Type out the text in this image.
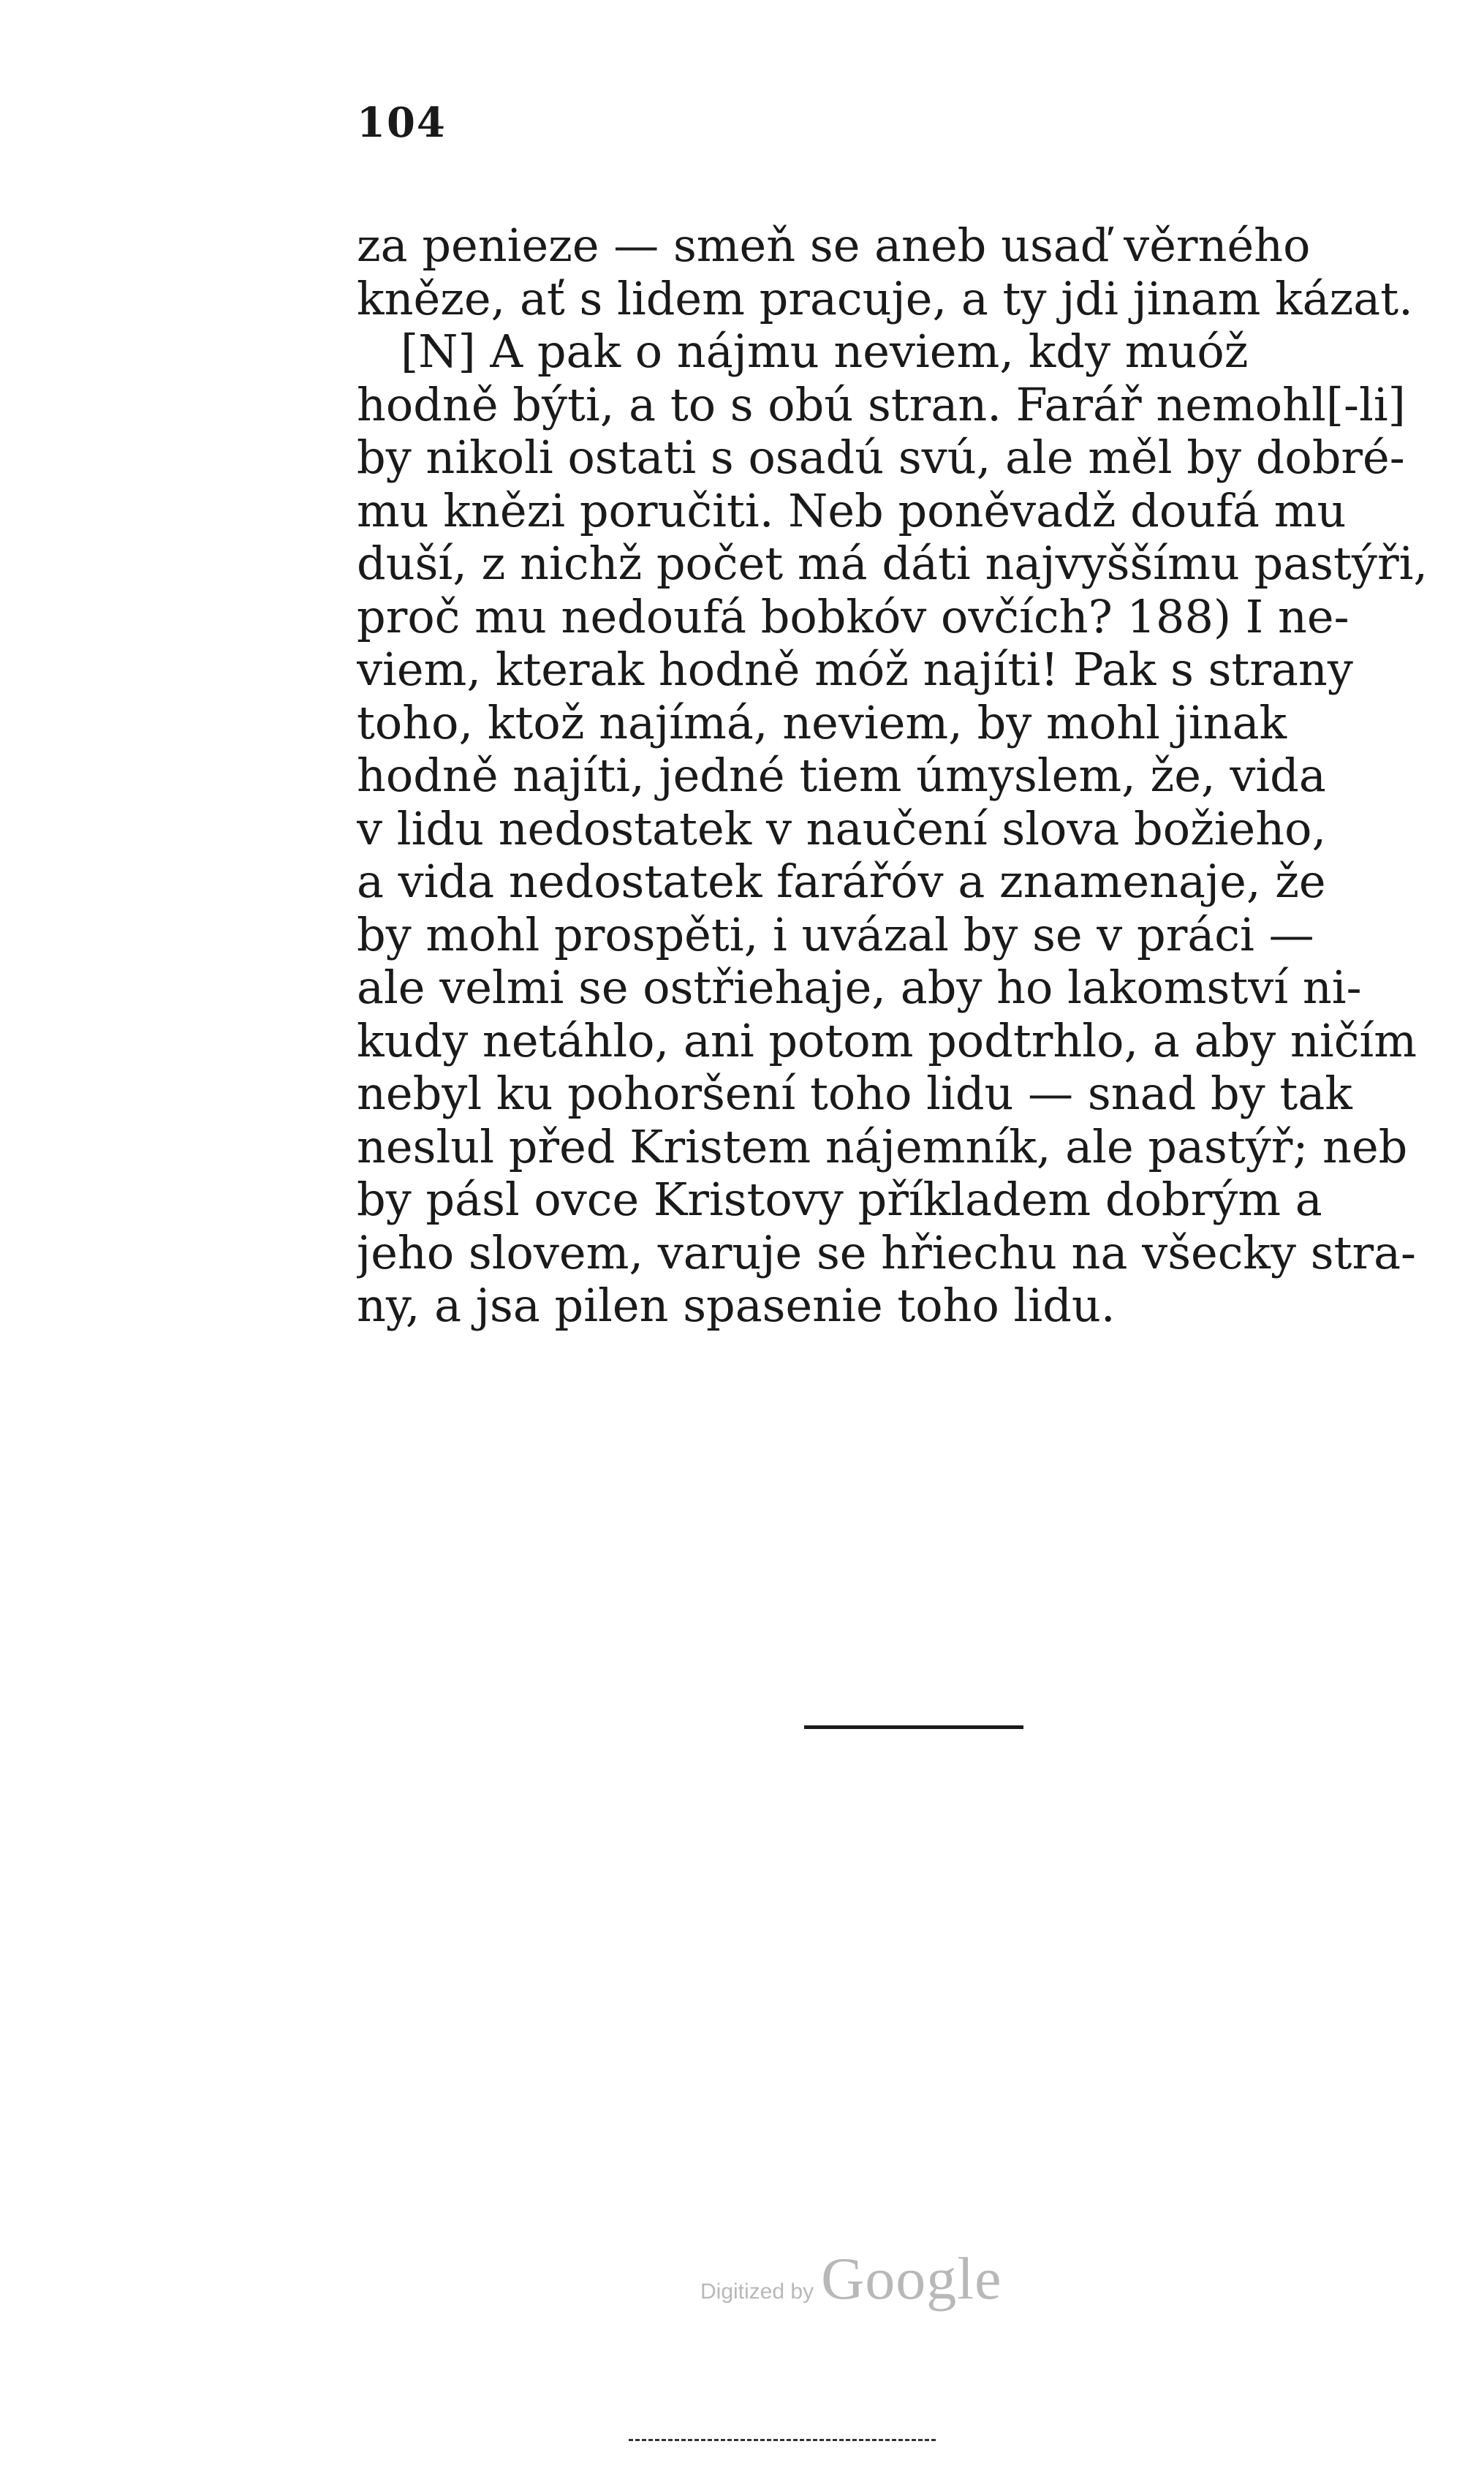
104
za penieze — smeň se aneb usaď věrného
kněze, ať s lidem pracuje, a ty jdi jinam kázat.
[N] A pak o nájmu neviem, kdy muóž
hodně býti, a to s obú stran. Farář nemohl[-li]
by nikoli ostati s osadú svú, ale měl by dobré-
mu knězi poručiti. Neb poněvadž doufá mu
duší, z nichž počet má dáti najvyššímu pastýři,
proč mu nedoufá bobkóv ovčích? 188) I ne-
viem, kterak hodně móž najíti! Pak s strany
toho, ktož najímá, neviem, by mohl jinak
hodně najíti, jedné tiem úmyslem, že, vida
v lidu nedostatek v naučení slova božieho,
a vida nedostatek farářóv a znamenaje, že
by mohl prospěti, i uvázal by se v práci —
ale velmi se ostřiehaje, aby ho lakomství ni-
kudy netáhlo, ani potom podtrhlo, a aby ničím
nebyl ku pohoršení toho lidu — snad by tak
neslul před Kristem nájemník, ale pastýř; neb
by pásl ovce Kristovy příkladem dobrým a
jeho slovem, varuje se hřiechu na všecky stra-
ny, a jsa pilen spasenie toho lidu.
Digitized by Google
